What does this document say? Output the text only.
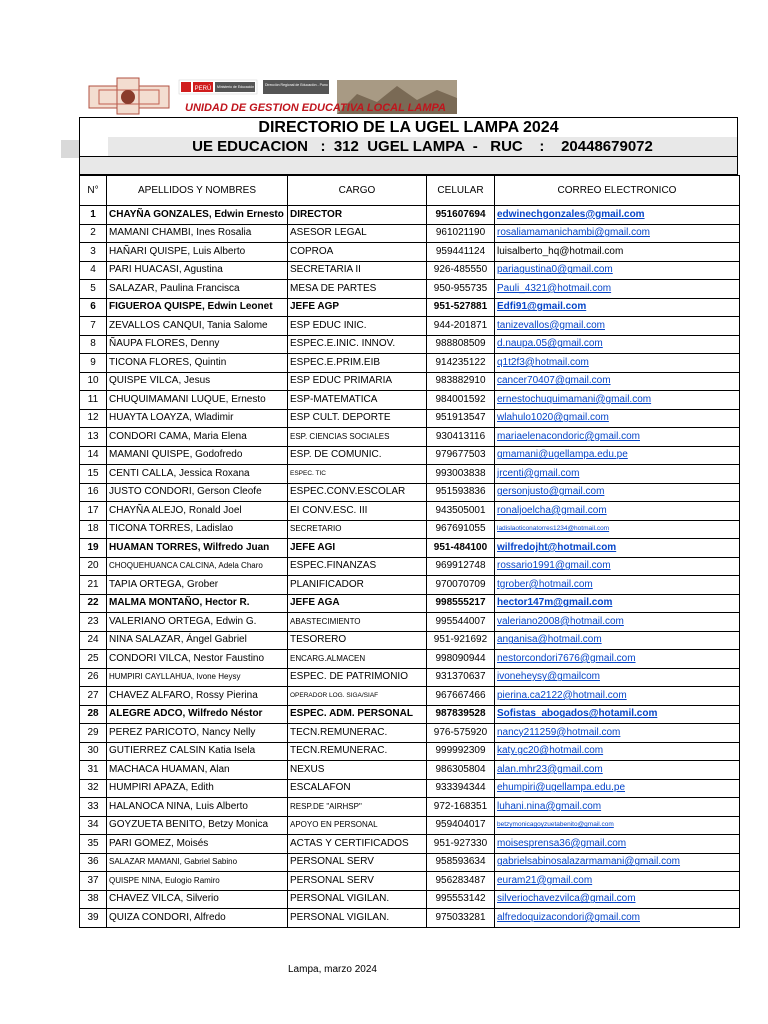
PERÚ Ministerio de Educación	Dirección Regional de Educación - Puno
UNIDAD DE GESTION EDUCATIVA LOCAL LAMPA
DIRECTORIO DE LA UGEL LAMPA 2024
UE EDUCACION   :  312  UGEL LAMPA  -   RUC    :    20448679072
N°	APELLIDOS Y NOMBRES	CARGO	CELULAR	CORREO ELECTRONICO
1	CHAYÑA GONZALES, Edwin Ernesto	DIRECTOR	951607694	edwinechgonzales@gmail.com
2	MAMANI CHAMBI, Ines Rosalia	ASESOR LEGAL	961021190	rosaliamamanichambi@gmail.com
3	HAÑARI QUISPE, Luis Alberto	COPROA	959441124	luisalberto_hq@hotmail.com
4	PARI HUACASI, Agustina	SECRETARIA II	926-485550	pariagustina0@gmail.com
5	SALAZAR, Paulina Francisca	MESA DE PARTES	950-955735	Pauli_4321@hotmail.com
6	FIGUEROA QUISPE, Edwin Leonet	JEFE AGP	951-527881	Edfi91@gmail.com
7	ZEVALLOS CANQUI, Tania Salome	ESP EDUC INIC.	944-201871	tanizevallos@gmail.com
8	ÑAUPA FLORES, Denny	ESPEC.E.INIC. INNOV.	988808509	d.naupa.05@gmail.com
9	TICONA FLORES, Quintin	ESPEC.E.PRIM.EIB	914235122	q1t2f3@hotmail.com
10	QUISPE VILCA, Jesus	ESP EDUC PRIMARIA	983882910	cancer70407@gmail.com
11	CHUQUIMAMANI LUQUE, Ernesto	ESP-MATEMATICA	984001592	ernestochuquimamani@gmail.com
12	HUAYTA LOAYZA, Wladimir	ESP CULT. DEPORTE	951913547	wlahulo1020@gmail.com
13	CONDORI CAMA, Maria Elena	ESP. CIENCIAS SOCIALES	930413116	mariaelenacondoric@gmail.com
14	MAMANI QUISPE, Godofredo	ESP. DE COMUNIC.	979677503	gmamani@ugellampa.edu.pe
15	CENTI CALLA, Jessica Roxana	ESPEC. TIC	993003838	jrcenti@gmail.com
16	JUSTO CONDORI, Gerson Cleofe	ESPEC.CONV.ESCOLAR	951593836	gersonjusto@gmail.com
17	CHAYÑA ALEJO, Ronald Joel	EI CONV.ESC. III	943505001	ronaljoelcha@gmail.com
18	TICONA TORRES, Ladislao	SECRETARIO	967691055	ladislaoticonatorres1234@hotmail.com
19	HUAMAN TORRES, Wilfredo Juan	JEFE AGI	951-484100	wilfredojht@hotmail.com
20	CHOQUEHUANCA CALCINA, Adela Charo	ESPEC.FINANZAS	969912748	rossario1991@gmail.com
21	TAPIA ORTEGA, Grober	PLANIFICADOR	970070709	tgrober@hotmail.com
22	MALMA MONTAÑO, Hector R.	JEFE AGA	998555217	hector147m@gmail.com
23	VALERIANO ORTEGA, Edwin G.	ABASTECIMIENTO	995544007	valeriano2008@hotmail.com
24	NINA SALAZAR, Ángel Gabriel	TESORERO	951-921692	anganisa@hotmail.com
25	CONDORI VILCA, Nestor Faustino	ENCARG.ALMACEN	998090944	nestorcondori7676@gmail.com
26	HUMPIRI CAYLLAHUA, Ivone Heysy	ESPEC. DE PATRIMONIO	931370637	ivoneheysy@gmailcom
27	CHAVEZ ALFARO, Rossy Pierina	OPERADOR LOG. SIGA/SIAF	967667466	pierina.ca2122@hotmail.com
28	ALEGRE ADCO, Wilfredo Néstor	ESPEC. ADM. PERSONAL	987839528	Sofistas_abogados@hotamil.com
29	PEREZ PARICOTO, Nancy Nelly	TECN.REMUNERAC.	976-575920	nancy211259@hotmail.com
30	GUTIERREZ CALSIN Katia Isela	TECN.REMUNERAC.	999992309	katy.gc20@hotmail.com
31	MACHACA HUAMAN, Alan	NEXUS	986305804	alan.mhr23@gmail.com
32	HUMPIRI APAZA, Edith	ESCALAFON	933394344	ehumpiri@ugellampa.edu.pe
33	HALANOCA NINA, Luis Alberto	RESP.DE "AIRHSP"	972-168351	luhani.nina@gmail.com
34	GOYZUETA BENITO, Betzy Monica	APOYO EN PERSONAL	959404017	betzymonicagoyzuetabenito@gmail.com
35	PARI GOMEZ, Moisés	ACTAS Y CERTIFICADOS	951-927330	moisesprensa36@gmail.com
36	SALAZAR MAMANI, Gabriel Sabino	PERSONAL SERV	958593634	gabrielsabinosalazarmamani@gmail.com
37	QUISPE NINA, Eulogio Ramiro	PERSONAL SERV	956283487	euram21@gmail.com
38	CHAVEZ VILCA, Silverio	PERSONAL VIGILAN.	995553142	silveriochavezvilca@gmail.com
39	QUIZA CONDORI, Alfredo	PERSONAL VIGILAN.	975033281	alfredoquizacondori@gmail.com
Lampa, marzo 2024
